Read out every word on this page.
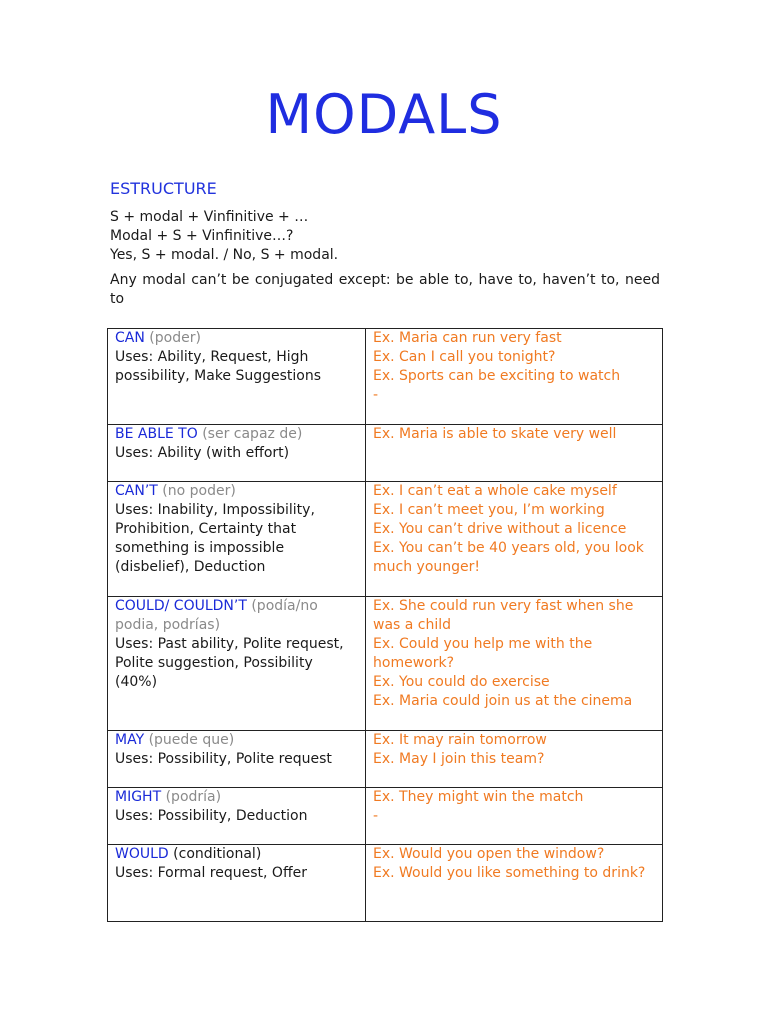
MODALS
ESTRUCTURE
S + modal + Vinfinitive + …
Modal + S + Vinfinitive…?
Yes, S + modal. / No, S + modal.
Any modal can’t be conjugated except: be able to, have to, haven’t to, need to
CAN (poder)
Uses: Ability, Request, High possibility, Make Suggestions	Ex. Maria can run very fast
Ex. Can I call you tonight?
Ex. Sports can be exciting to watch
-

BE ABLE TO (ser capaz de)
Uses: Ability (with effort)	Ex. Maria is able to skate very well

CAN’T (no poder)
Uses: Inability, Impossibility, Prohibition, Certainty that something is impossible (disbelief), Deduction	Ex. I can’t eat a whole cake myself
Ex. I can’t meet you, I’m working
Ex. You can’t drive without a licence
Ex. You can’t be 40 years old, you look much younger!

COULD/ COULDN’T (podía/no podia, podrías)
Uses: Past ability, Polite request, Polite suggestion, Possibility (40%)	Ex. She could run very fast when she was a child
Ex. Could you help me with the homework?
Ex. You could do exercise
Ex. Maria could join us at the cinema

MAY (puede que)
Uses: Possibility, Polite request	Ex. It may rain tomorrow
Ex. May I join this team?

MIGHT (podría)
Uses: Possibility, Deduction	Ex. They might win the match
-

WOULD (conditional)
Uses: Formal request, Offer	Ex. Would you open the window?
Ex. Would you like something to drink?
